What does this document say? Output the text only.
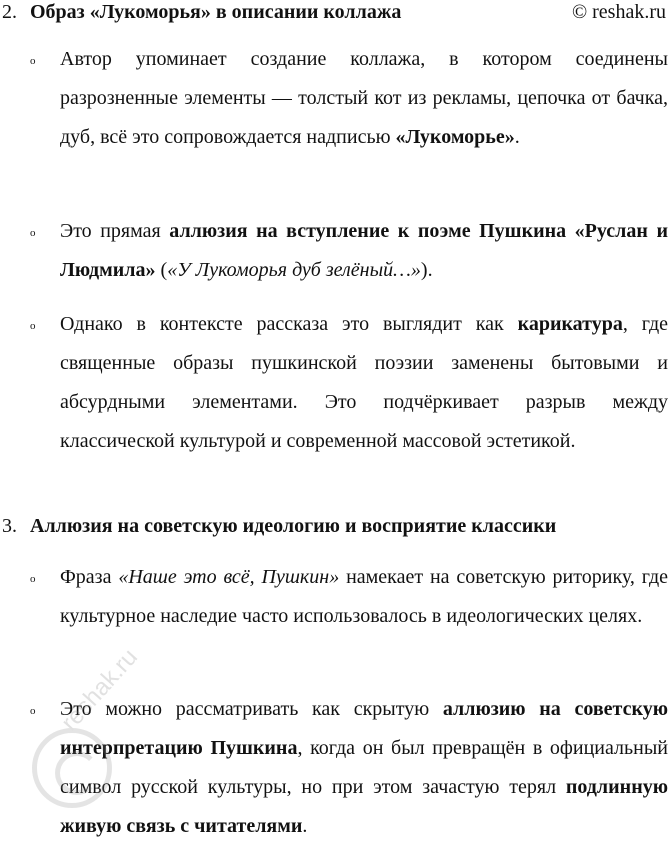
© reshak.ru
2. Образ «Лукоморья» в описании коллажа
o Автор упоминает создание коллажа, в котором соединены разрозненные элементы — толстый кот из рекламы, цепочка от бачка, дуб, всё это сопровождается надписью «Лукоморье».
o Это прямая аллюзия на вступление к поэме Пушкина «Руслан и Людмила» («У Лукоморья дуб зелёный…»).
o Однако в контексте рассказа это выглядит как карикатура, где священные образы пушкинской поэзии заменены бытовыми и абсурдными элементами. Это подчёркивает разрыв между классической культурой и современной массовой эстетикой.
3. Аллюзия на советскую идеологию и восприятие классики
o Фраза «Наше это всё, Пушкин» намекает на советскую риторику, где культурное наследие часто использовалось в идеологических целях.
o Это можно рассматривать как скрытую аллюзию на советскую интерпретацию Пушкина, когда он был превращён в официальный символ русской культуры, но при этом зачастую терял подлинную живую связь с читателями.
reshak.ru
